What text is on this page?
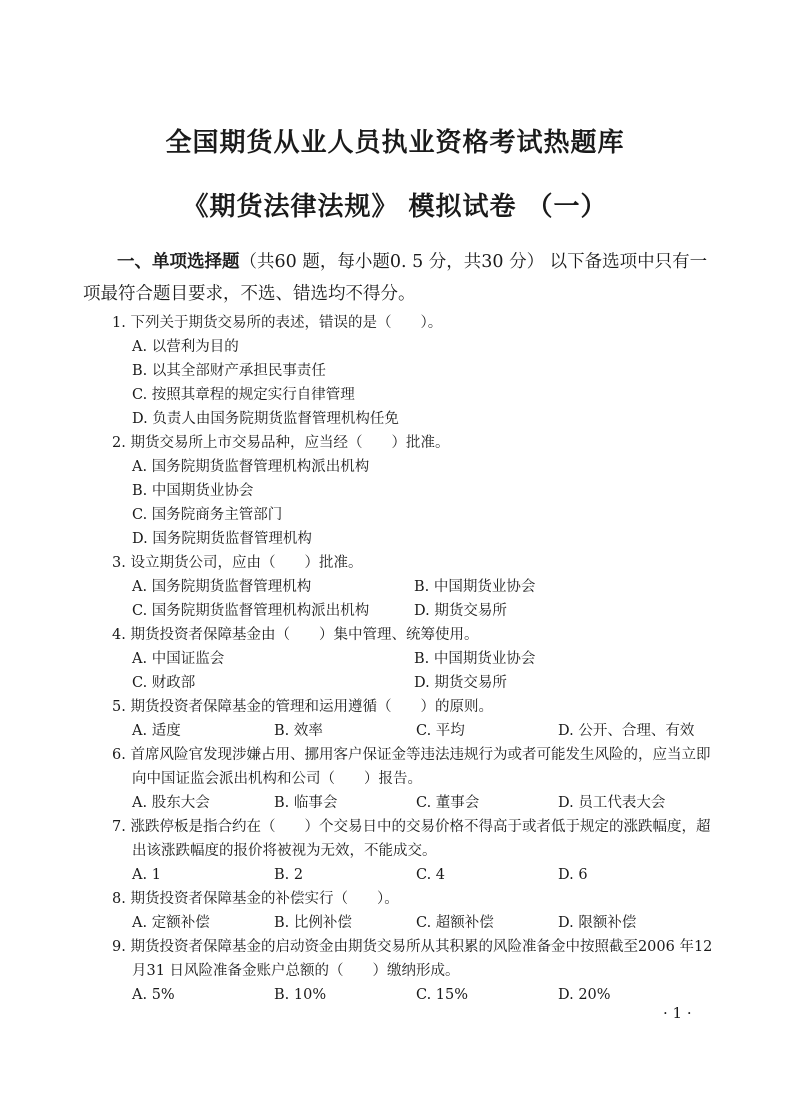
全国期货从业人员执业资格考试热题库
《期货法律法规》 模拟试卷 （一）
一、单项选择题（共60 题，每小题0. 5 分，共30 分） 以下备选项中只有一项最符合题目要求，不选、错选均不得分。
1. 下列关于期货交易所的表述，错误的是（　　）。
A. 以营利为目的
B. 以其全部财产承担民事责任
C. 按照其章程的规定实行自律管理
D. 负责人由国务院期货监督管理机构任免
2. 期货交易所上市交易品种，应当经（　　）批准。
A. 国务院期货监督管理机构派出机构
B. 中国期货业协会
C. 国务院商务主管部门
D. 国务院期货监督管理机构
3. 设立期货公司，应由（　　）批准。
A. 国务院期货监督管理机构	B. 中国期货业协会
C. 国务院期货监督管理机构派出机构	D. 期货交易所
4. 期货投资者保障基金由（　　）集中管理、统筹使用。
A. 中国证监会	B. 中国期货业协会
C. 财政部	D. 期货交易所
5. 期货投资者保障基金的管理和运用遵循（　　）的原则。
A. 适度	B. 效率	C. 平均	D. 公开、合理、有效
6. 首席风险官发现涉嫌占用、挪用客户保证金等违法违规行为或者可能发生风险的，应当立即向中国证监会派出机构和公司（　　）报告。
A. 股东大会	B. 临事会	C. 董事会	D. 员工代表大会
7. 涨跌停板是指合约在（　　）个交易日中的交易价格不得高于或者低于规定的涨跌幅度，超出该涨跌幅度的报价将被视为无效，不能成交。
A. 1	B. 2	C. 4	D. 6
8. 期货投资者保障基金的补偿实行（　　）。
A. 定额补偿	B. 比例补偿	C. 超额补偿	D. 限额补偿
9. 期货投资者保障基金的启动资金由期货交易所从其积累的风险准备金中按照截至2006 年12 月31 日风险准备金账户总额的（　　）缴纳形成。
A. 5%	B. 10%	C. 15%	D. 20%
· 1 ·
